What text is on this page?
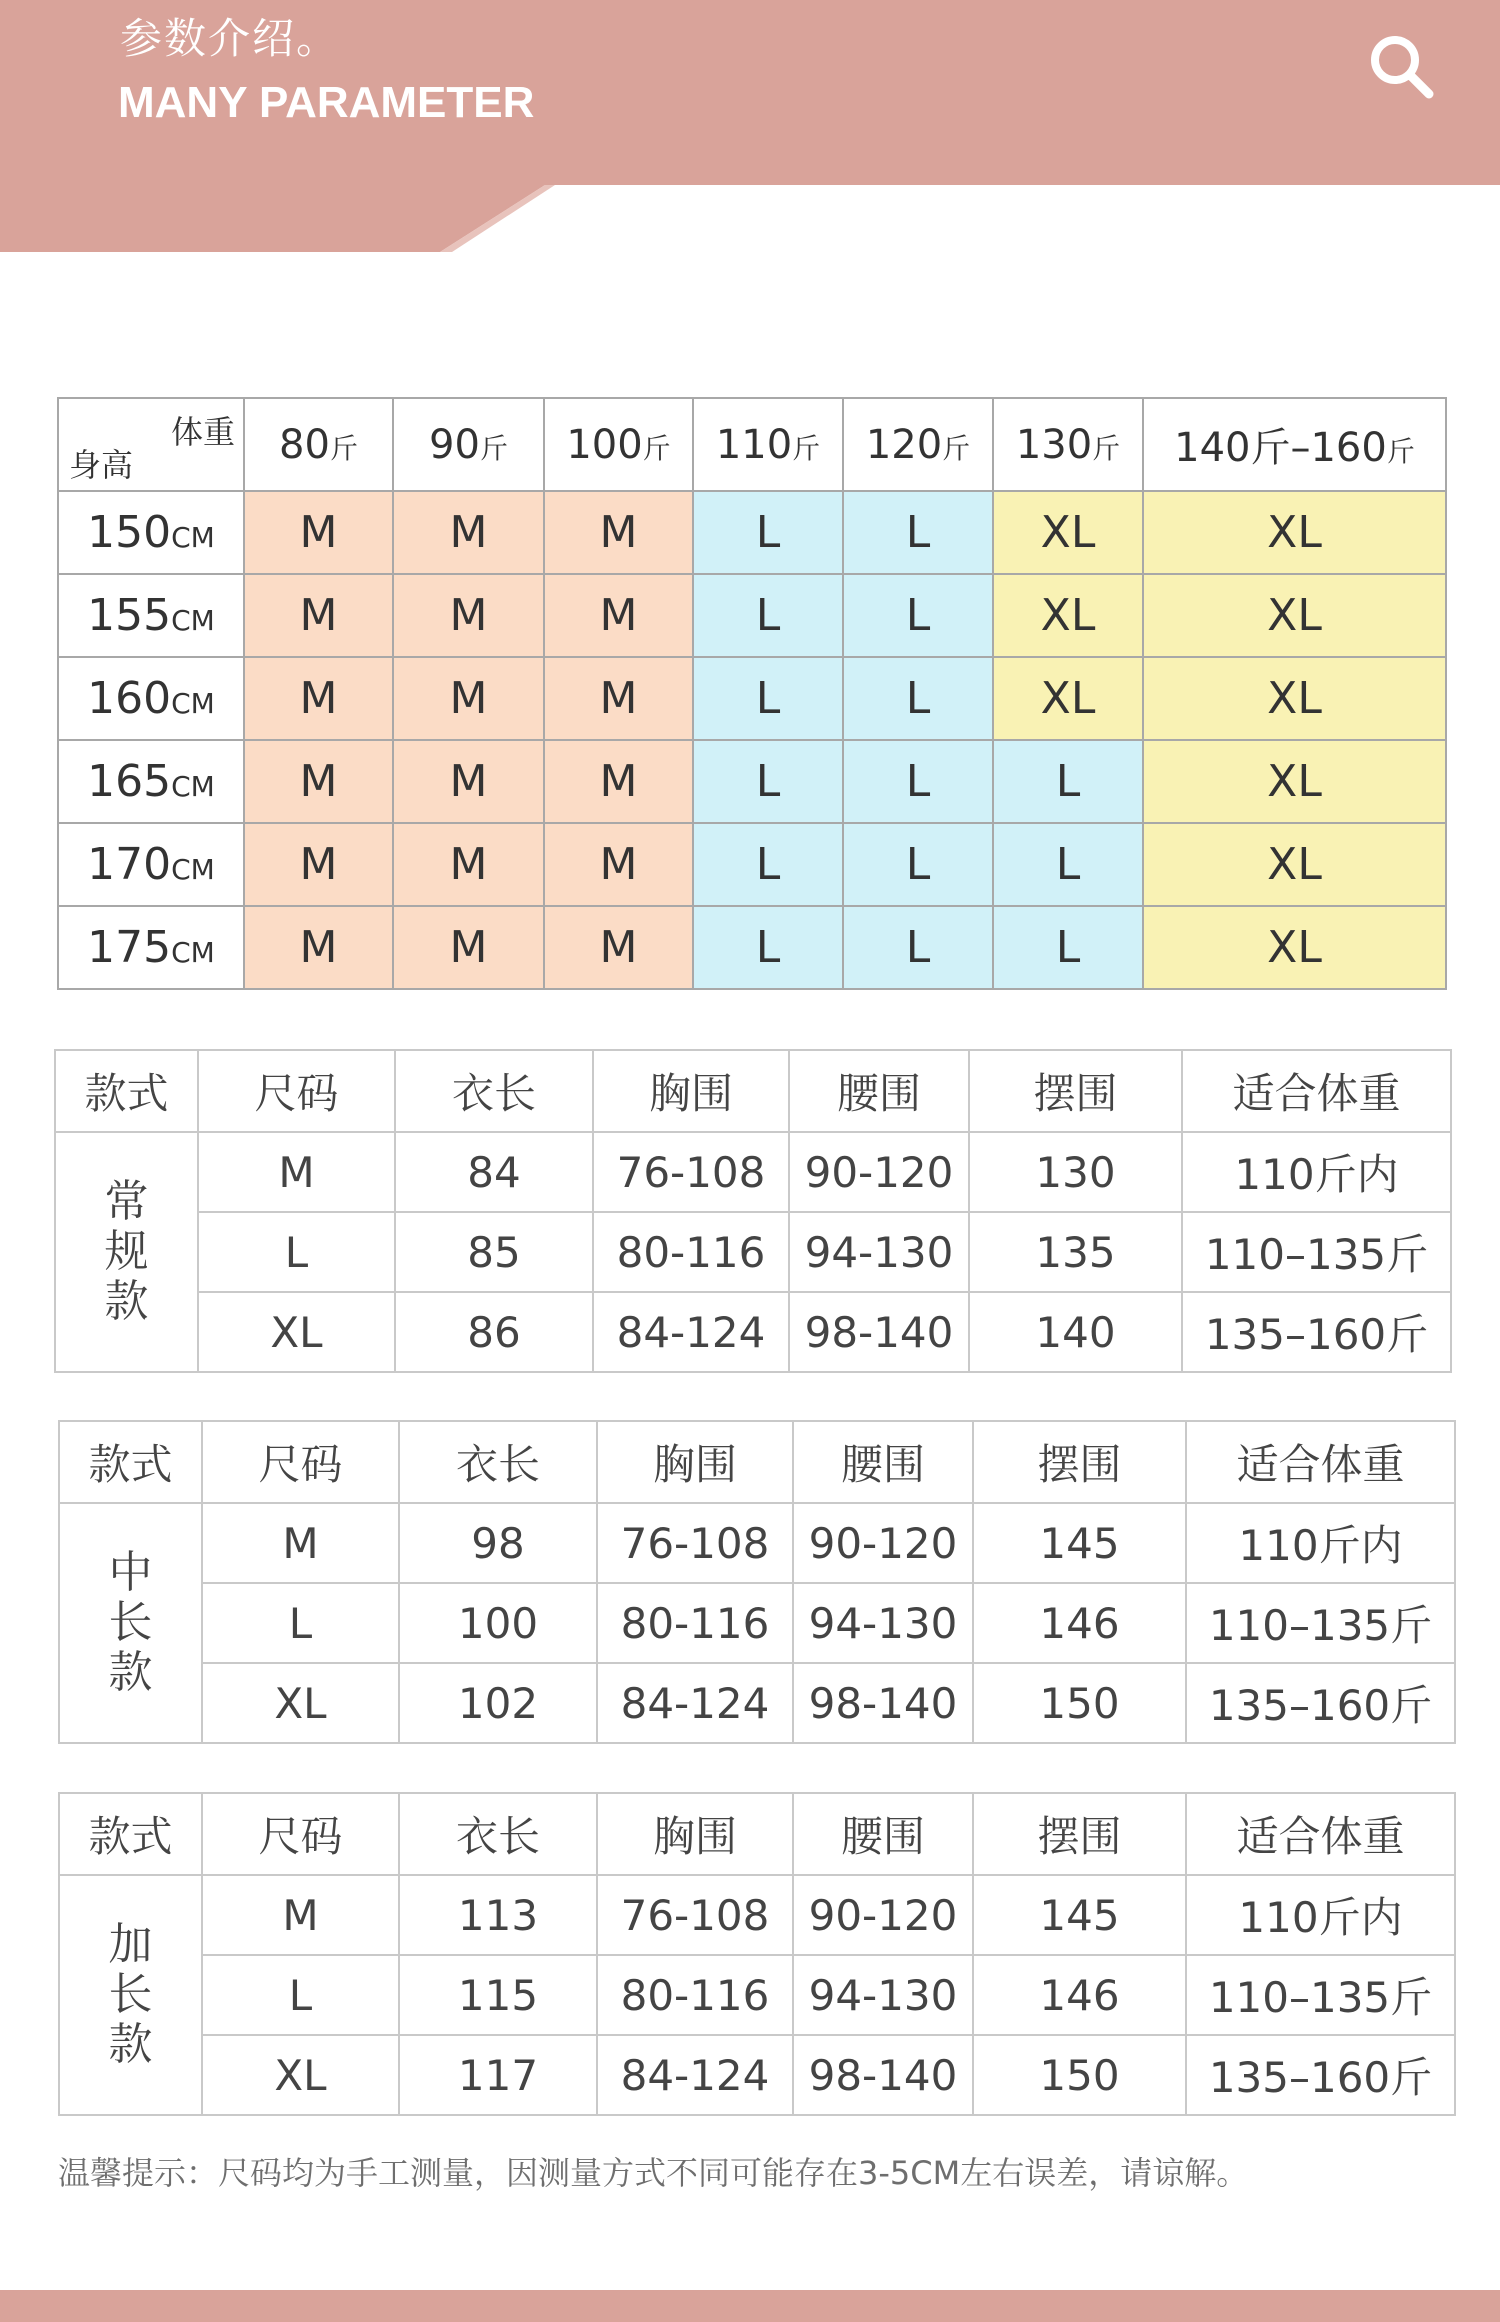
参数介绍。
MANY PARAMETER
体重
身高	80斤	90斤	100斤	110斤	120斤	130斤	140斤–160斤
150CM	M	M	M	L	L	XL	XL
155CM	M	M	M	L	L	XL	XL
160CM	M	M	M	L	L	XL	XL
165CM	M	M	M	L	L	L	XL
170CM	M	M	M	L	L	L	XL
175CM	M	M	M	L	L	L	XL
款式	尺码	衣长	胸围	腰围	摆围	适合体重
常
规
款	M	84	76-108	90-120	130	110斤内
	L	85	80-116	94-130	135	110–135斤
	XL	86	84-124	98-140	140	135–160斤
款式	尺码	衣长	胸围	腰围	摆围	适合体重
中
长
款	M	98	76-108	90-120	145	110斤内
	L	100	80-116	94-130	146	110–135斤
	XL	102	84-124	98-140	150	135–160斤
款式	尺码	衣长	胸围	腰围	摆围	适合体重
加
长
款	M	113	76-108	90-120	145	110斤内
	L	115	80-116	94-130	146	110–135斤
	XL	117	84-124	98-140	150	135–160斤
温馨提示：尺码均为手工测量，因测量方式不同可能存在3-5CM左右误差，请谅解。
